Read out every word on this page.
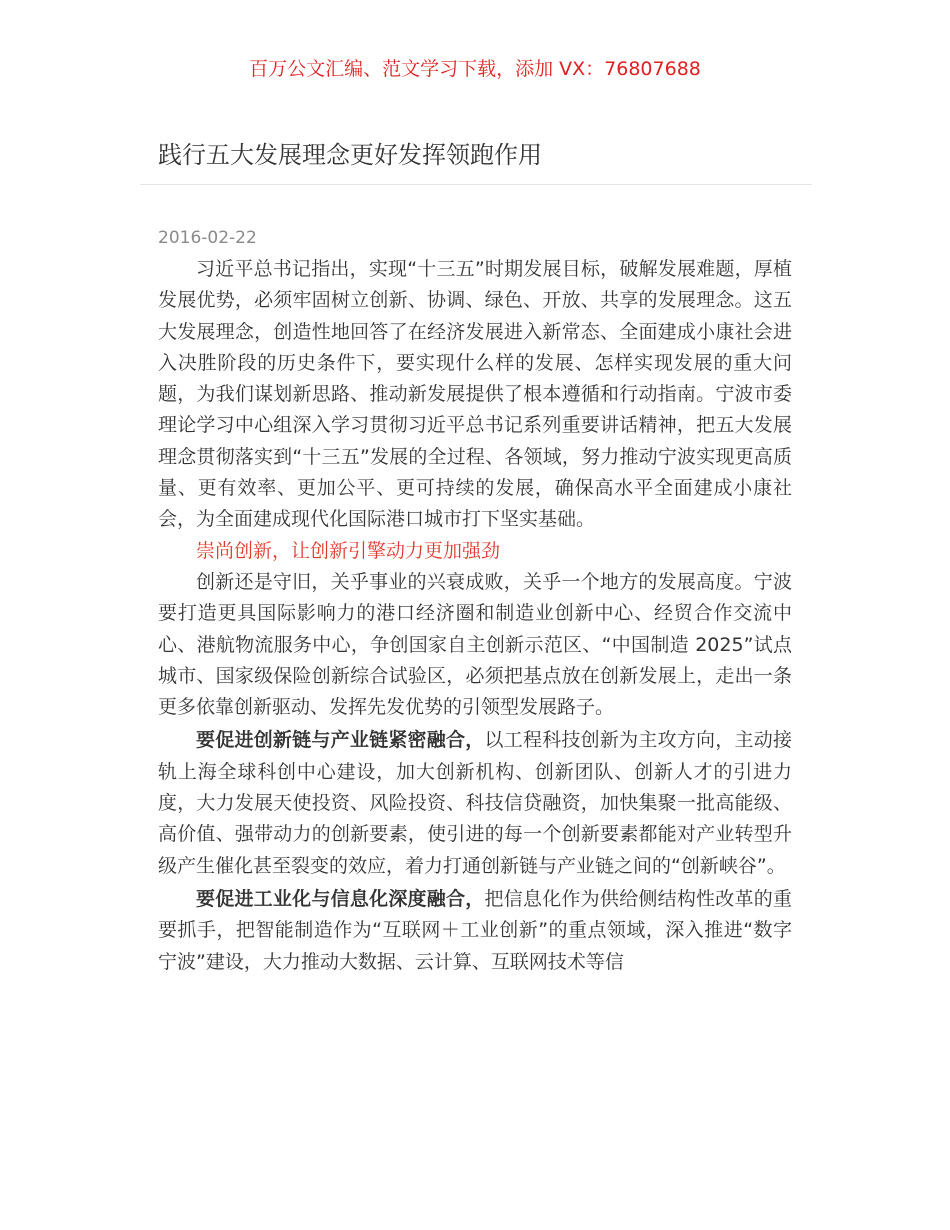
百万公文汇编、范文学习下载，添加 VX：76807688
践行五大发展理念更好发挥领跑作用
2016-02-22

习近平总书记指出，实现“十三五”时期发展目标，破解发展难题，厚植发展优势，必须牢固树立创新、协调、绿色、开放、共享的发展理念。这五大发展理念，创造性地回答了在经济发展进入新常态、全面建成小康社会进入决胜阶段的历史条件下，要实现什么样的发展、怎样实现发展的重大问题，为我们谋划新思路、推动新发展提供了根本遵循和行动指南。宁波市委理论学习中心组深入学习贯彻习近平总书记系列重要讲话精神，把五大发展理念贯彻落实到“十三五”发展的全过程、各领域，努力推动宁波实现更高质量、更有效率、更加公平、更可持续的发展，确保高水平全面建成小康社会，为全面建成现代化国际港口城市打下坚实基础。

崇尚创新，让创新引擎动力更加强劲

创新还是守旧，关乎事业的兴衰成败，关乎一个地方的发展高度。宁波要打造更具国际影响力的港口经济圈和制造业创新中心、经贸合作交流中心、港航物流服务中心，争创国家自主创新示范区、“中国制造 2025”试点城市、国家级保险创新综合试验区，必须把基点放在创新发展上，走出一条更多依靠创新驱动、发挥先发优势的引领型发展路子。

要促进创新链与产业链紧密融合，以工程科技创新为主攻方向，主动接轨上海全球科创中心建设，加大创新机构、创新团队、创新人才的引进力度，大力发展天使投资、风险投资、科技信贷融资，加快集聚一批高能级、高价值、强带动力的创新要素，使引进的每一个创新要素都能对产业转型升级产生催化甚至裂变的效应，着力打通创新链与产业链之间的“创新峡谷”。

要促进工业化与信息化深度融合，把信息化作为供给侧结构性改革的重要抓手，把智能制造作为“互联网＋工业创新”的重点领域，深入推进“数字宁波”建设，大力推动大数据、云计算、互联网技术等信
